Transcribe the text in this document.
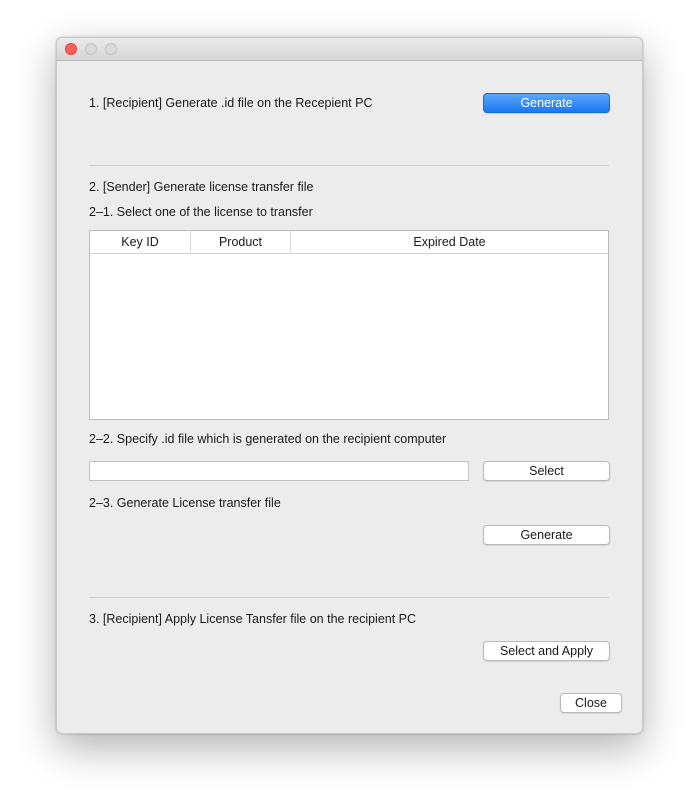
1. [Recipient] Generate .id file on the Recepient PC	Generate
2. [Sender] Generate license transfer file
2‒1. Select one of the license to transfer
Key ID	Product	Expired Date
2‒2. Specify .id file which is generated on the recipient computer
Select
2‒3. Generate License transfer file
Generate
3. [Recipient] Apply License Tansfer file on the recipient PC
Select and Apply
Close
